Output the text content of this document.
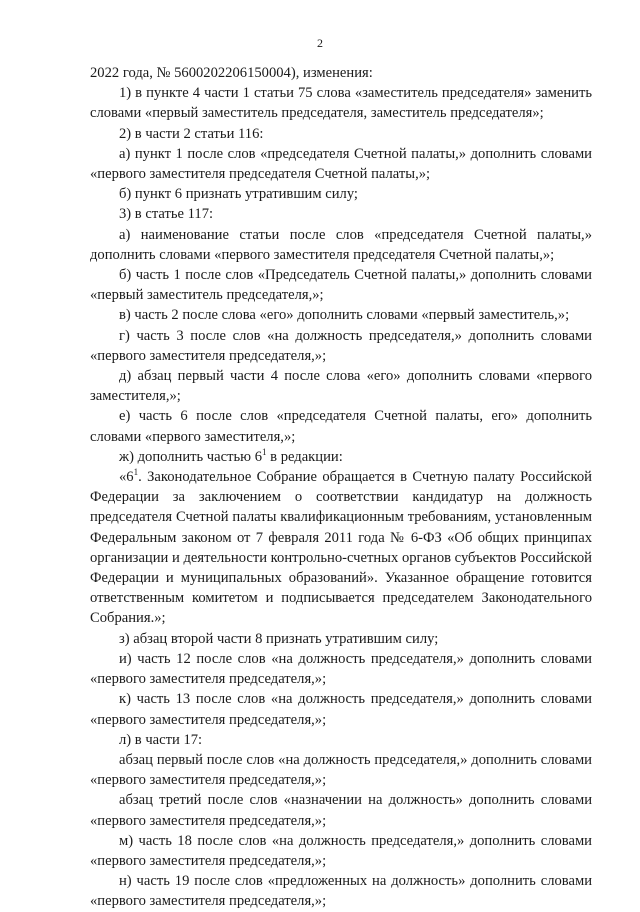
2

2022 года, № 5600202206150004), изменения:

1) в пункте 4 части 1 статьи 75 слова «заместитель председателя» заменить словами «первый заместитель председателя, заместитель председателя»;

2) в части 2 статьи 116:

а) пункт 1 после слов «председателя Счетной палаты,» дополнить словами «первого заместителя председателя Счетной палаты,»;

б) пункт 6 признать утратившим силу;

3) в статье 117:

а) наименование статьи после слов «председателя Счетной палаты,» дополнить словами «первого заместителя председателя Счетной палаты,»;

б) часть 1 после слов «Председатель Счетной палаты,» дополнить словами «первый заместитель председателя,»;

в) часть 2 после слова «его» дополнить словами «первый заместитель,»;

г) часть 3 после слов «на должность председателя,» дополнить словами «первого заместителя председателя,»;

д) абзац первый части 4 после слова «его» дополнить словами «первого заместителя,»;

е) часть 6 после слов «председателя Счетной палаты, его» дополнить словами «первого заместителя,»;

ж) дополнить частью $6^1$ в редакции:

«$6^1$. Законодательное Собрание обращается в Счетную палату Российской Федерации за заключением о соответствии кандидатур на должность председателя Счетной палаты квалификационным требованиям, установленным Федеральным законом от 7 февраля 2011 года № 6-ФЗ «Об общих принципах организации и деятельности контрольно-счетных органов субъектов Российской Федерации и муниципальных образований». Указанное обращение готовится ответственным комитетом и подписывается председателем Законодательного Собрания.»;

з) абзац второй части 8 признать утратившим силу;

и) часть 12 после слов «на должность председателя,» дополнить словами «первого заместителя председателя,»;

к) часть 13 после слов «на должность председателя,» дополнить словами «первого заместителя председателя,»;

л) в части 17:

абзац первый после слов «на должность председателя,» дополнить словами «первого заместителя председателя,»;

абзац третий после слов «назначении на должность» дополнить словами «первого заместителя председателя,»;

м) часть 18 после слов «на должность председателя,» дополнить словами «первого заместителя председателя,»;

н) часть 19 после слов «предложенных на должность» дополнить словами «первого заместителя председателя,»;
